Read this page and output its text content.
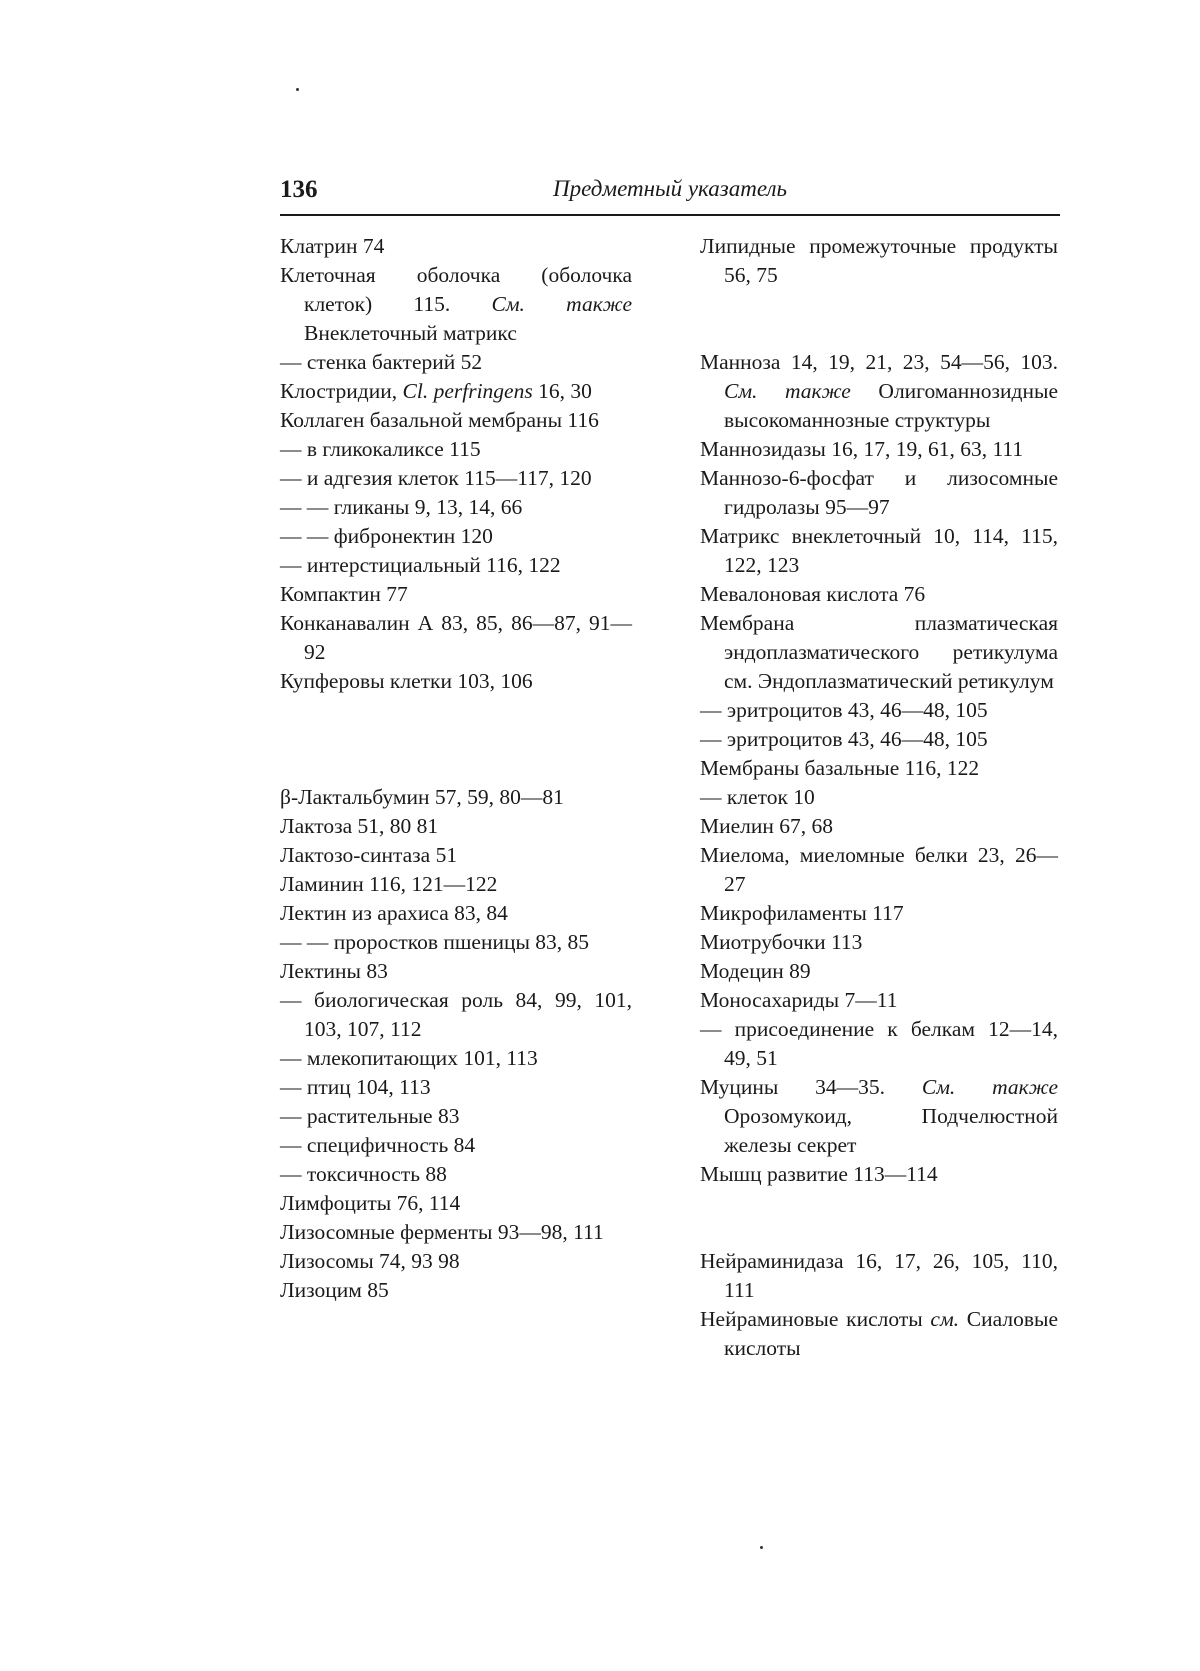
136	Предметный указатель
Клатрин 74
Клеточная оболочка (оболочка клеток) 115. См. также Внеклеточный матрикс
— стенка бактерий 52
Клостридии, Cl. perfringens 16, 30
Коллаген базальной мембраны 116
— в гликокаликсе 115
— и адгезия клеток 115—117, 120
— — гликаны 9, 13, 14, 66
— — фибронектин 120
— интерстициальный 116, 122
Компактин 77
Конканавалин А 83, 85, 86—87, 91—92
Купферовы клетки 103, 106
β-Лактальбумин 57, 59, 80—81
Лактоза 51, 80 81
Лактозо-синтаза 51
Ламинин 116, 121—122
Лектин из арахиса 83, 84
— — проростков пшеницы 83, 85
Лектины 83
— биологическая роль 84, 99, 101, 103, 107, 112
— млекопитающих 101, 113
— птиц 104, 113
— растительные 83
— специфичность 84
— токсичность 88
Лимфоциты 76, 114
Лизосомные ферменты 93—98, 111
Лизосомы 74, 93 98
Лизоцим 85
Липидные промежуточные продукты 56, 75
Манноза 14, 19, 21, 23, 54—56, 103. См. также Олигоманнозидные высокоманнозные структуры
Маннозидазы 16, 17, 19, 61, 63, 111
Маннозо-6-фосфат и лизосомные гидролазы 95—97
Матрикс внеклеточный 10, 114, 115, 122, 123
Мевалоновая кислота 76
Мембрана плазматическая эндоплазматического ретикулума см. Эндоплазматический ретикулум
— эритроцитов 43, 46—48, 105
— эритроцитов 43, 46—48, 105
Мембраны базальные 116, 122
— клеток 10
Миелин 67, 68
Миелома, миеломные белки 23, 26—27
Микрофиламенты 117
Миотрубочки 113
Модецин 89
Моносахариды 7—11
— присоединение к белкам 12—14, 49, 51
Муцины 34—35. См. также Орозомукоид, Подчелюстной железы секрет
Мышц развитие 113—114
Нейраминидаза 16, 17, 26, 105, 110, 111
Нейраминовые кислоты см. Сиаловые кислоты
